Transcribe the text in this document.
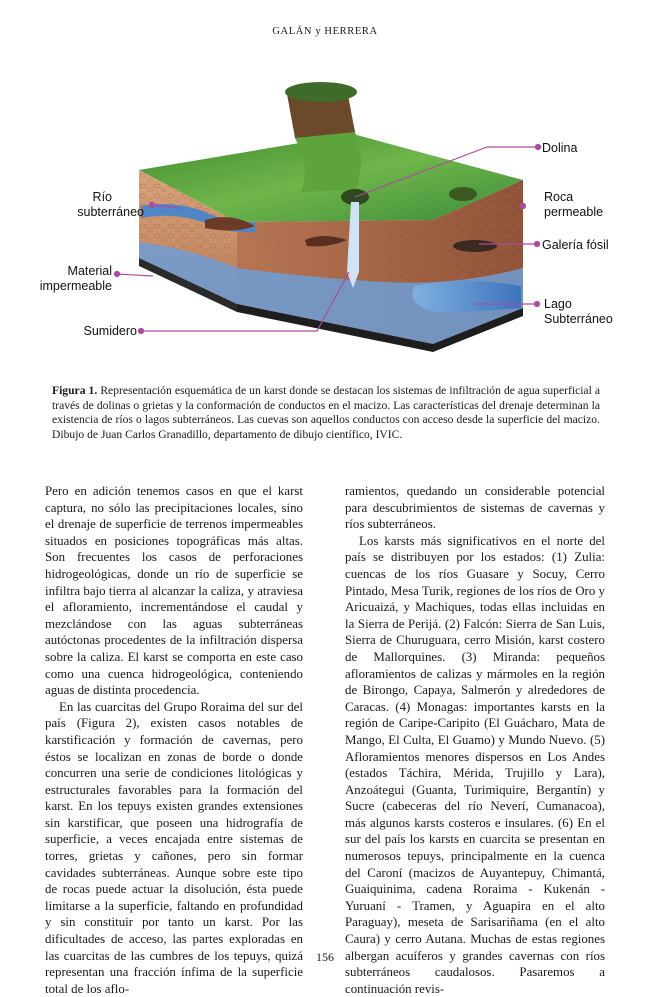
GALÁN y HERRERA
Dolina
Río
subterráneo
Roca
permeable
Galería fósil
Material
impermeable
Lago
Subterráneo
Sumidero
Figura 1. Representación esquemática de un karst donde se destacan los sistemas de infiltración de agua superficial a través de dolinas o grietas y la conformación de conductos en el macizo. Las características del drenaje determinan la existencia de ríos o lagos subterráneos. Las cuevas son aquellos conductos con acceso desde la superficie del macizo. Dibujo de Juan Carlos Granadillo, departamento de dibujo científico, IVIC.

Pero en adición tenemos casos en que el karst captura, no sólo las precipitaciones locales, sino el drenaje de superficie de terrenos impermeables situados en posiciones topográficas más altas. Son frecuentes los casos de perforaciones hidrogeológicas, donde un río de superficie se infiltra bajo tierra al alcanzar la caliza, y atraviesa el afloramiento, incrementándose el caudal y mezclándose con las aguas subterráneas autóctonas procedentes de la infiltración dispersa sobre la caliza. El karst se comporta en este caso como una cuenca hidrogeológica, conteniendo aguas de distinta procedencia.

En las cuarcitas del Grupo Roraima del sur del país (Figura 2), existen casos notables de karstificación y formación de cavernas, pero éstos se localizan en zonas de borde o donde concurren una serie de condiciones litológicas y estructurales favorables para la formación del karst. En los tepuys existen grandes extensiones sin karstificar, que poseen una hidrografía de superficie, a veces encajada entre sistemas de torres, grietas y cañones, pero sin formar cavidades subterráneas. Aunque sobre este tipo de rocas puede actuar la disolución, ésta puede limitarse a la superficie, faltando en profundidad y sin constituir por tanto un karst. Por las dificultades de acceso, las partes exploradas en las cuarcitas de las cumbres de los tepuys, quizá representan una fracción ínfima de la superficie total de los aflo-

ramientos, quedando un considerable potencial para descubrimientos de sistemas de cavernas y ríos subterráneos.

Los karsts más significativos en el norte del país se distribuyen por los estados: (1) Zulia: cuencas de los ríos Guasare y Socuy, Cerro Pintado, Mesa Turik, regiones de los ríos de Oro y Aricuaizá, y Machiques, todas ellas incluidas en la Sierra de Perijá. (2) Falcón: Sierra de San Luis, Sierra de Churuguara, cerro Misión, karst costero de Mallorquines. (3) Miranda: pequeños afloramientos de calizas y mármoles en la región de Birongo, Capaya, Salmerón y alrededores de Caracas. (4) Monagas: importantes karsts en la región de Caripe-Caripito (El Guácharo, Mata de Mango, El Culta, El Guamo) y Mundo Nuevo. (5) Afloramientos menores dispersos en Los Andes (estados Táchira, Mérida, Trujillo y Lara), Anzoátegui (Guanta, Turimiquire, Bergantín) y Sucre (cabeceras del río Neverí, Cumanacoa), más algunos karsts costeros e insulares. (6) En el sur del país los karsts en cuarcita se presentan en numerosos tepuys, principalmente en la cuenca del Caroní (macizos de Auyantepuy, Chimantá, Guaiquinima, cadena Roraima - Kukenán - Yuruaní - Tramen, y Aguapira en el alto Paraguay), meseta de Sarisariñama (en el alto Caura) y cerro Autana. Muchas de estas regiones albergan acuíferos y grandes cavernas con ríos subterráneos caudalosos. Pasaremos a continuación revis-

156
